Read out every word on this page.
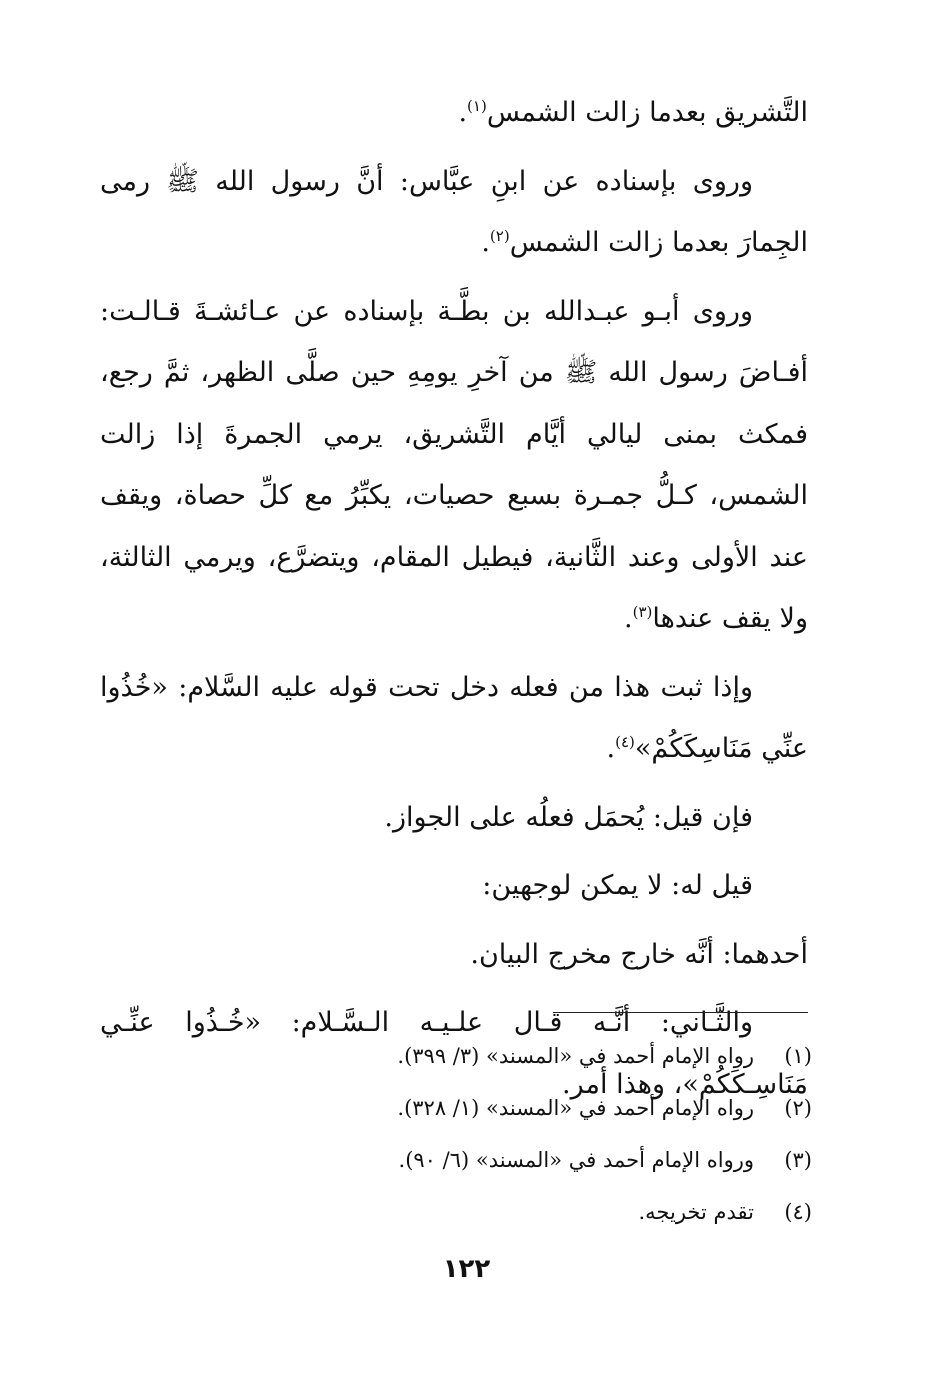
التَّشريق بعدما زالت الشمس$^{(١)}$.

وروى بإسناده عن ابنِ عبَّاس: أنَّ رسول الله ﷺ رمى الجِمارَ بعدما زالت الشمس$^{(٢)}$.

وروى أبـو عبـدالله بن بطَّـة بإسناده عن عـائشـةَ قـالـت: أفـاضَ رسول الله ﷺ من آخرِ يومِهِ حين صلَّى الظهر، ثمَّ رجع، فمكث بمنى ليالي أيَّام التَّشريق، يرمي الجمرةَ إذا زالت الشمس، كـلُّ جمـرة بسبع حصيات، يكبِّرُ مع كلِّ حصاة، ويقف عند الأولى وعند الثَّانية، فيطيل المقام، ويتضرَّع، ويرمي الثالثة، ولا يقف عندها$^{(٣)}$.

وإذا ثبت هذا من فعله دخل تحت قوله عليه السَّلام: «خُذُوا عنِّي مَنَاسِكَكُمْ»$^{(٤)}$.

فإن قيل: يُحمَل فعلُه على الجواز.

قيل له: لا يمكن لوجهين:

أحدهما: أنَّه خارج مخرج البيان.

والثَّـاني: أنَّـه قـال علـيـه الـسَّـلام: «خُـذُوا عنِّـي مَنَاسِـكَكُمْ»، وهذا أمر.

(١)رواه الإمام أحمد في «المسند» (٣/ ٣٩٩).

(٢)رواه الإمام أحمد في «المسند» (١/ ٣٢٨).

(٣)ورواه الإمام أحمد في «المسند» (٦/ ٩٠).

(٤)تقدم تخريجه.

١٢٢
